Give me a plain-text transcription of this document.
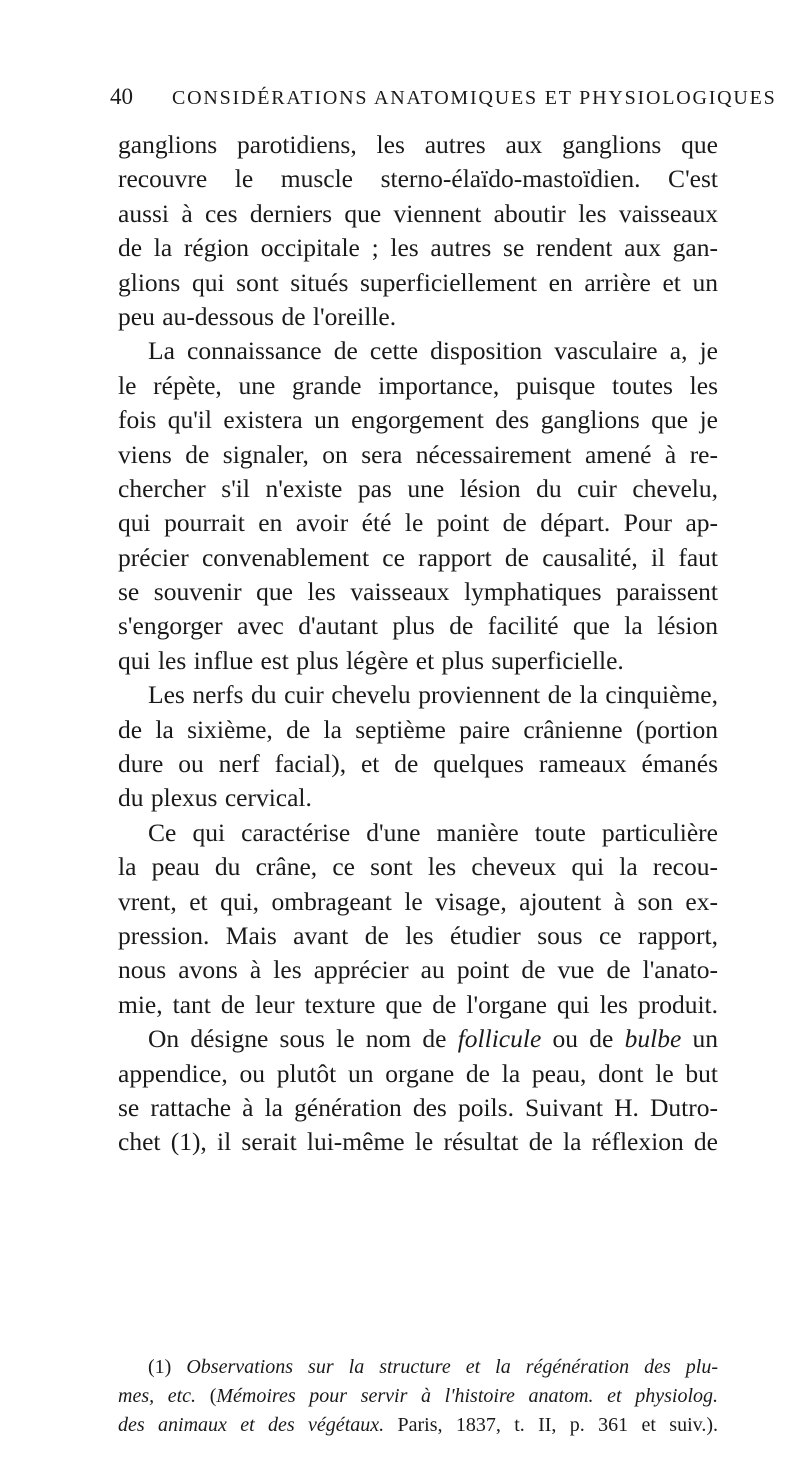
40 CONSIDÉRATIONS ANATOMIQUES ET PHYSIOLOGIQUES
ganglions parotidiens, les autres aux ganglions que
recouvre le muscle sterno-élaïdo-mastoïdien. C'est
aussi à ces derniers que viennent aboutir les vaisseaux
de la région occipitale ; les autres se rendent aux gan-
glions qui sont situés superficiellement en arrière et un
peu au-dessous de l'oreille.
La connaissance de cette disposition vasculaire a, je
le répète, une grande importance, puisque toutes les
fois qu'il existera un engorgement des ganglions que je
viens de signaler, on sera nécessairement amené à re-
chercher s'il n'existe pas une lésion du cuir chevelu,
qui pourrait en avoir été le point de départ. Pour ap-
précier convenablement ce rapport de causalité, il faut
se souvenir que les vaisseaux lymphatiques paraissent
s'engorger avec d'autant plus de facilité que la lésion
qui les influe est plus légère et plus superficielle.
Les nerfs du cuir chevelu proviennent de la cinquième,
de la sixième, de la septième paire crânienne (portion
dure ou nerf facial), et de quelques rameaux émanés
du plexus cervical.
Ce qui caractérise d'une manière toute particulière
la peau du crâne, ce sont les cheveux qui la recou-
vrent, et qui, ombrageant le visage, ajoutent à son ex-
pression. Mais avant de les étudier sous ce rapport,
nous avons à les apprécier au point de vue de l'anato-
mie, tant de leur texture que de l'organe qui les produit.
On désigne sous le nom de follicule ou de bulbe un
appendice, ou plutôt un organe de la peau, dont le but
se rattache à la génération des poils. Suivant H. Dutro-
chet (1), il serait lui-même le résultat de la réflexion de
(1) Observations sur la structure et la régénération des plu-
mes, etc. (Mémoires pour servir à l'histoire anatom. et physiolog.
des animaux et des végétaux. Paris, 1837, t. II, p. 361 et suiv.).
